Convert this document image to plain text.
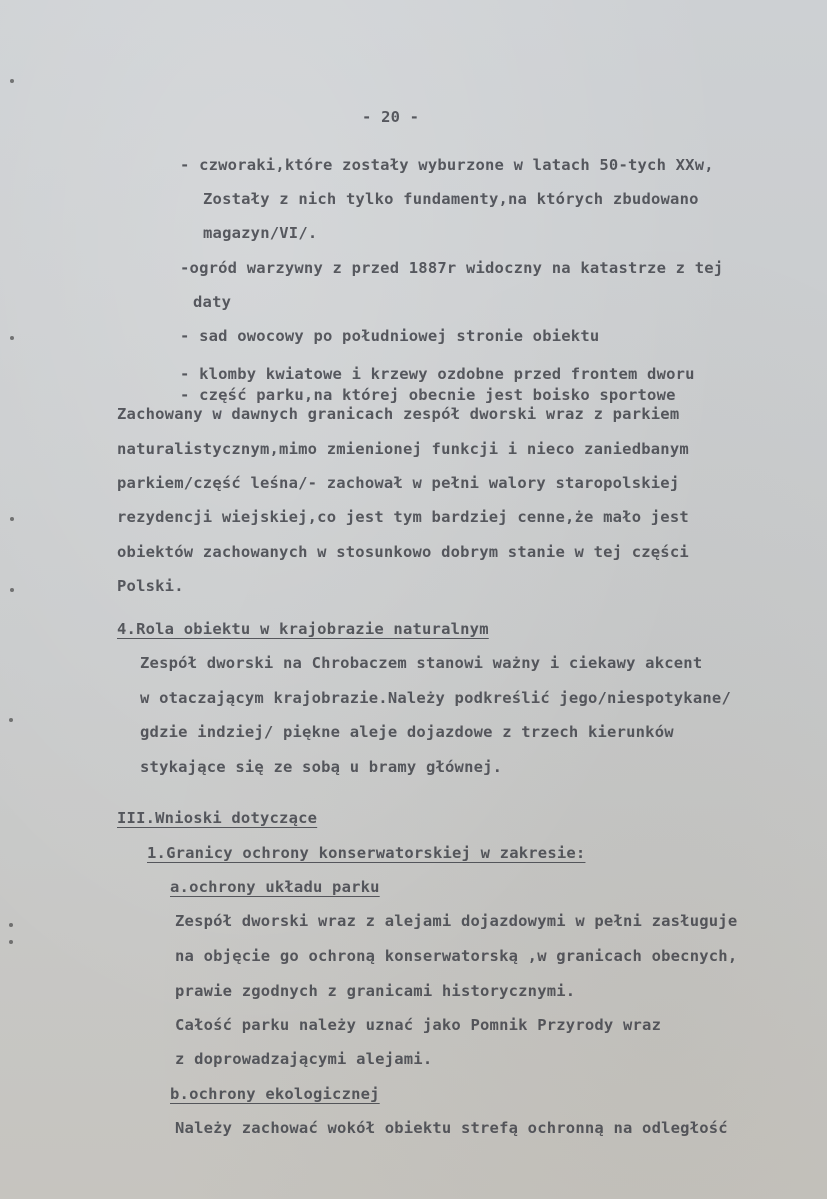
- 20 -
- czworaki,które zostały wyburzone w latach 50-tych XXw,
Zostały z nich tylko fundamenty,na których zbudowano
magazyn/VI/.
-ogród warzywny z przed 1887r widoczny na katastrze z tej
daty
- sad owocowy po południowej stronie obiektu
- klomby kwiatowe i krzewy ozdobne przed frontem dworu
- część parku,na której obecnie jest boisko sportowe
Zachowany w dawnych granicach zespół dworski wraz z parkiem
naturalistycznym,mimo zmienionej funkcji i nieco zaniedbanym
parkiem/część leśna/- zachował w pełni walory staropolskiej
rezydencji wiejskiej,co jest tym bardziej cenne,że mało jest
obiektów zachowanych w stosunkowo dobrym stanie w tej części
Polski.
4.Rola obiektu w krajobrazie naturalnym
Zespół dworski na Chrobaczem stanowi ważny i ciekawy akcent
w otaczającym krajobrazie.Należy podkreślić jego/niespotykane/
gdzie indziej/ piękne aleje dojazdowe z trzech kierunków
stykające się ze sobą u bramy głównej.
III.Wnioski dotyczące
1.Granicy ochrony konserwatorskiej w zakresie:
a.ochrony układu parku
Zespół dworski wraz z alejami dojazdowymi w pełni zasługuje
na objęcie go ochroną konserwatorską ,w granicach obecnych,
prawie zgodnych z granicami historycznymi.
Całość parku należy uznać jako Pomnik Przyrody wraz
z doprowadzającymi alejami.
b.ochrony ekologicznej
Należy zachować wokół obiektu strefą ochronną na odległość
